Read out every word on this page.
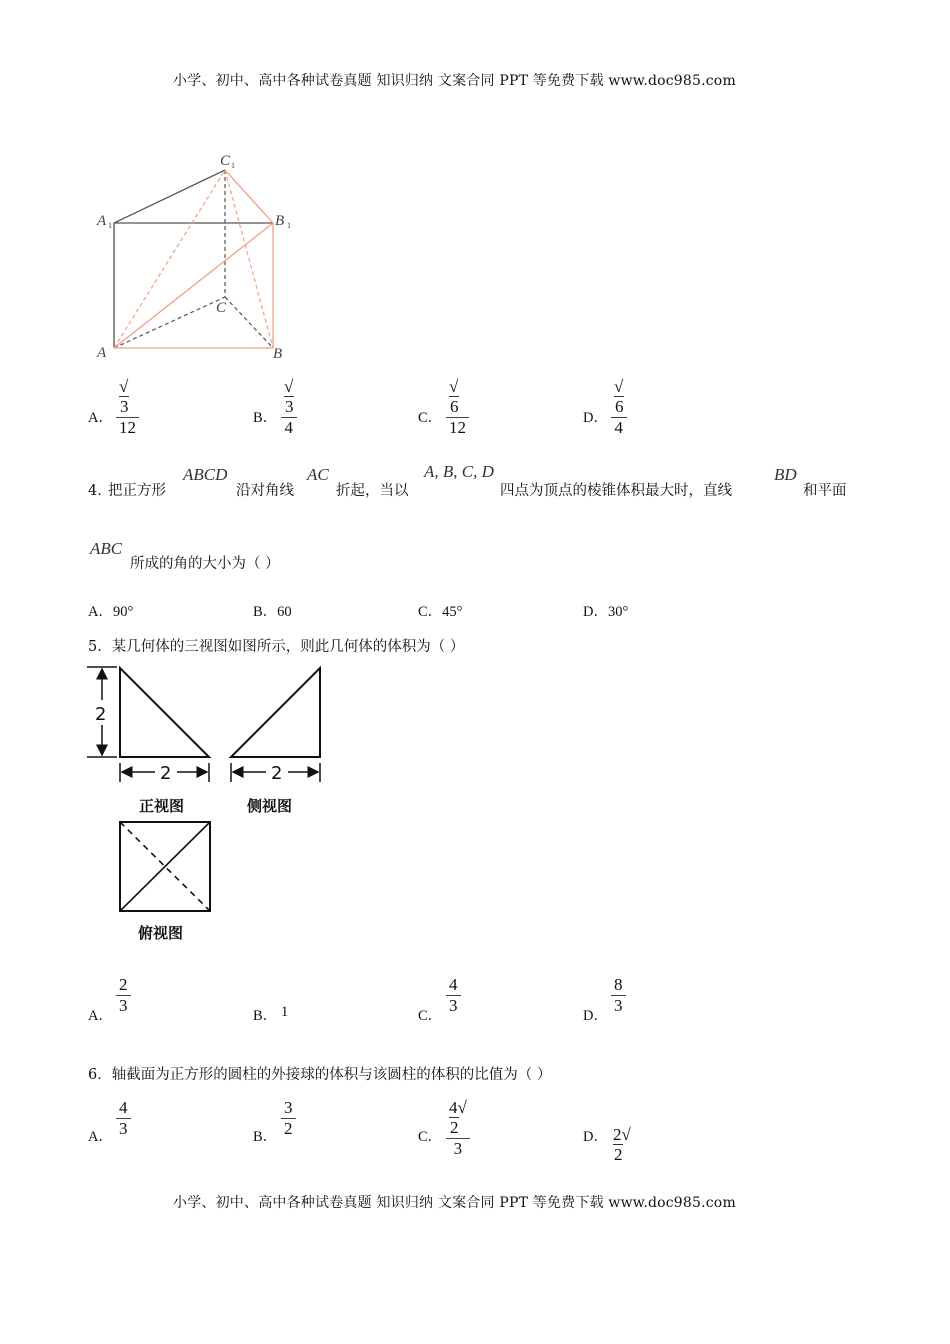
小学、初中、高中各种试卷真题 知识归纳 文案合同 PPT 等免费下载 www.doc985.com
C 1
A 1	B 1
C
A	B
A． $\frac{√3}{12}$	B． $\frac{√3}{4}$	C． $\frac{√6}{12}$	D． $\frac{√6}{4}$
4．
把正方形
ABCD
沿对角线
AC
折起，当以
A, B, C, D
四点为顶点的棱锥体积最大时，直线
BD
和平面
ABC
所成的角的大小为（ ）
A．90°	B．60	C．45°	D．30°
5．某几何体的三视图如图所示，则此几何体的体积为（ ）
2
2	2
正视图	侧视图
俯视图
A． $\frac{2}{3}$	B． 1	C． $\frac{4}{3}$	D． $\frac{8}{3}$
6．轴截面为正方形的圆柱的外接球的体积与该圆柱的体积的比值为（ ）
A． $\frac{4}{3}$	B． $\frac{3}{2}$	C． $\frac{4√2}{3}$	D． 2√2
小学、初中、高中各种试卷真题 知识归纳 文案合同 PPT 等免费下载 www.doc985.com
